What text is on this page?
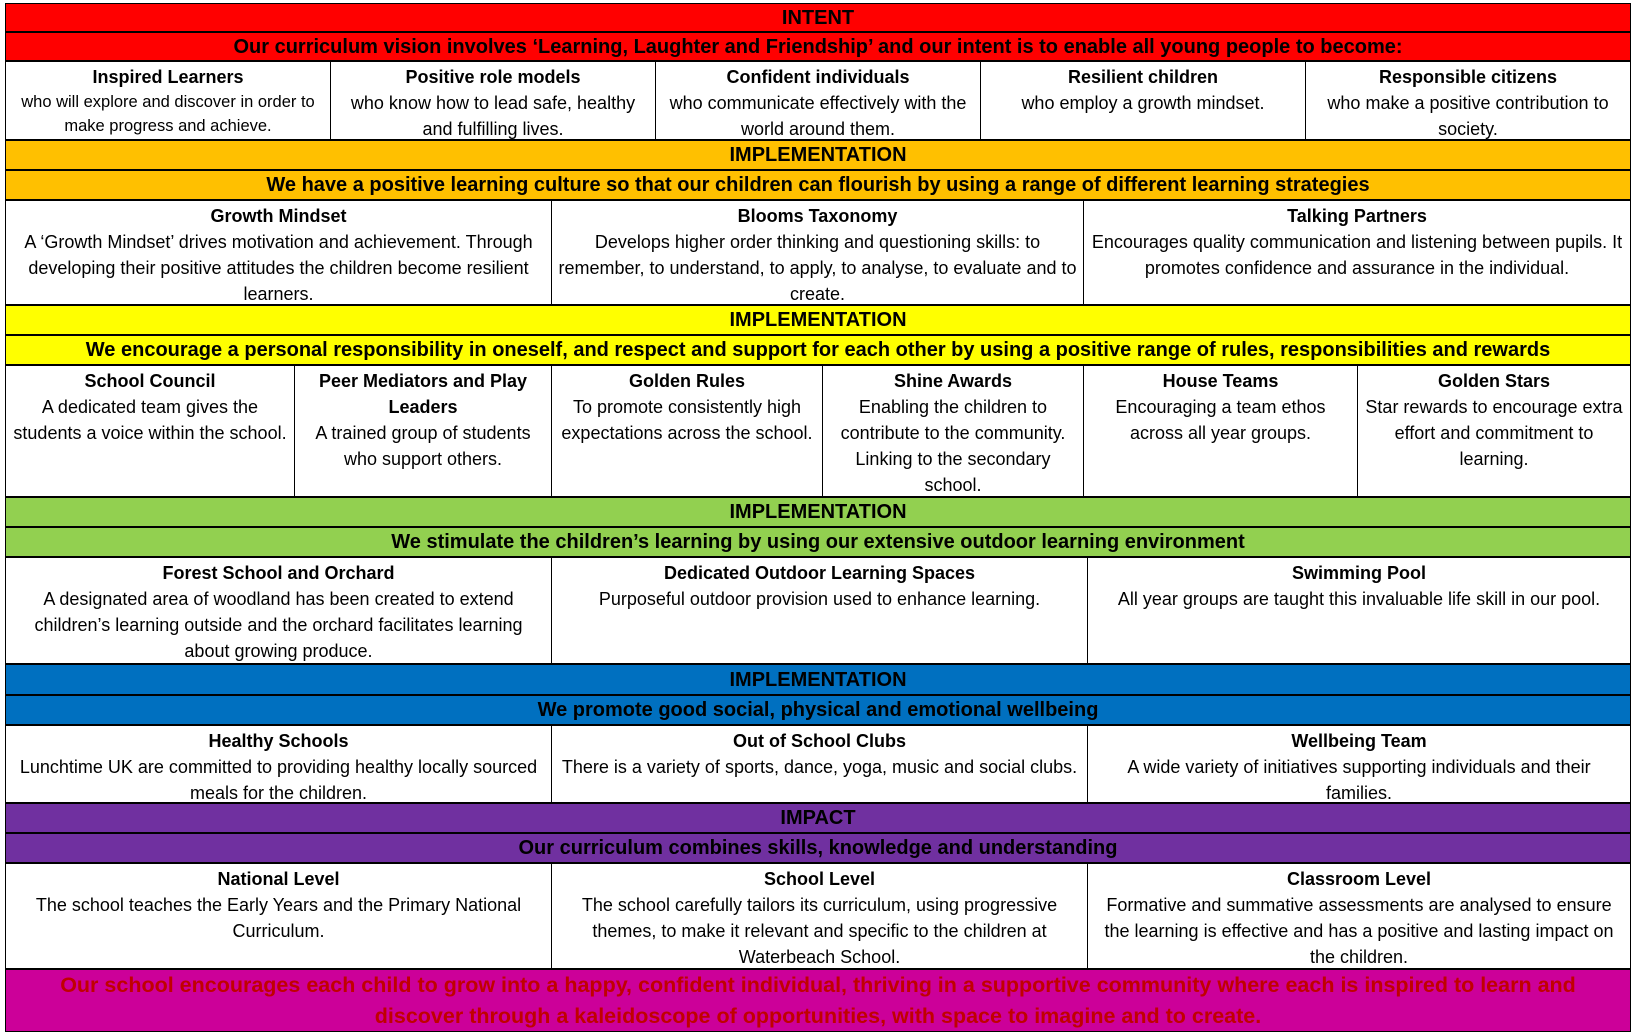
INTENT
Our curriculum vision involves ‘Learning, Laughter and Friendship’ and our intent is to enable all young people to become:
Inspired Learners
who will explore and discover in order to make progress and achieve.
Positive role models
who know how to lead safe, healthy and fulfilling lives.
Confident individuals
who communicate effectively with the world around them.
Resilient children
who employ a growth mindset.
Responsible citizens
who make a positive contribution to society.
IMPLEMENTATION
We have a positive learning culture so that our children can flourish by using a range of different learning strategies
Growth Mindset
A ‘Growth Mindset’ drives motivation and achievement. Through developing their positive attitudes the children become resilient learners.
Blooms Taxonomy
Develops higher order thinking and questioning skills: to remember, to understand, to apply, to analyse, to evaluate and to create.
Talking Partners
Encourages quality communication and listening between pupils. It promotes confidence and assurance in the individual.
IMPLEMENTATION
We encourage a personal responsibility in oneself, and respect and support for each other by using a positive range of rules, responsibilities and rewards
School Council
A dedicated team gives the students a voice within the school.
Peer Mediators and Play Leaders
A trained group of students who support others.
Golden Rules
To promote consistently high expectations across the school.
Shine Awards
Enabling the children to contribute to the community. Linking to the secondary school.
House Teams
Encouraging a team ethos across all year groups.
Golden Stars
Star rewards to encourage extra effort and commitment to learning.
IMPLEMENTATION
We stimulate the children’s learning by using our extensive outdoor learning environment
Forest School and Orchard
A designated area of woodland has been created to extend children’s learning outside and the orchard facilitates learning about growing produce.
Dedicated Outdoor Learning Spaces
Purposeful outdoor provision used to enhance learning.
Swimming Pool
All year groups are taught this invaluable life skill in our pool.
IMPLEMENTATION
We promote good social, physical and emotional wellbeing
Healthy Schools
Lunchtime UK are committed to providing healthy locally sourced meals for the children.
Out of School Clubs
There is a variety of sports, dance, yoga, music and social clubs.
Wellbeing Team
A wide variety of initiatives supporting individuals and their families.
IMPACT
Our curriculum combines skills, knowledge and understanding
National Level
The school teaches the Early Years and the Primary National Curriculum.
School Level
The school carefully tailors its curriculum, using progressive themes, to make it relevant and specific to the children at Waterbeach School.
Classroom Level
Formative and summative assessments are analysed to ensure the learning is effective and has a positive and lasting impact on the children.
Our school encourages each child to grow into a happy, confident individual, thriving in a supportive community where each is inspired to learn and discover through a kaleidoscope of opportunities, with space to imagine and to create.
